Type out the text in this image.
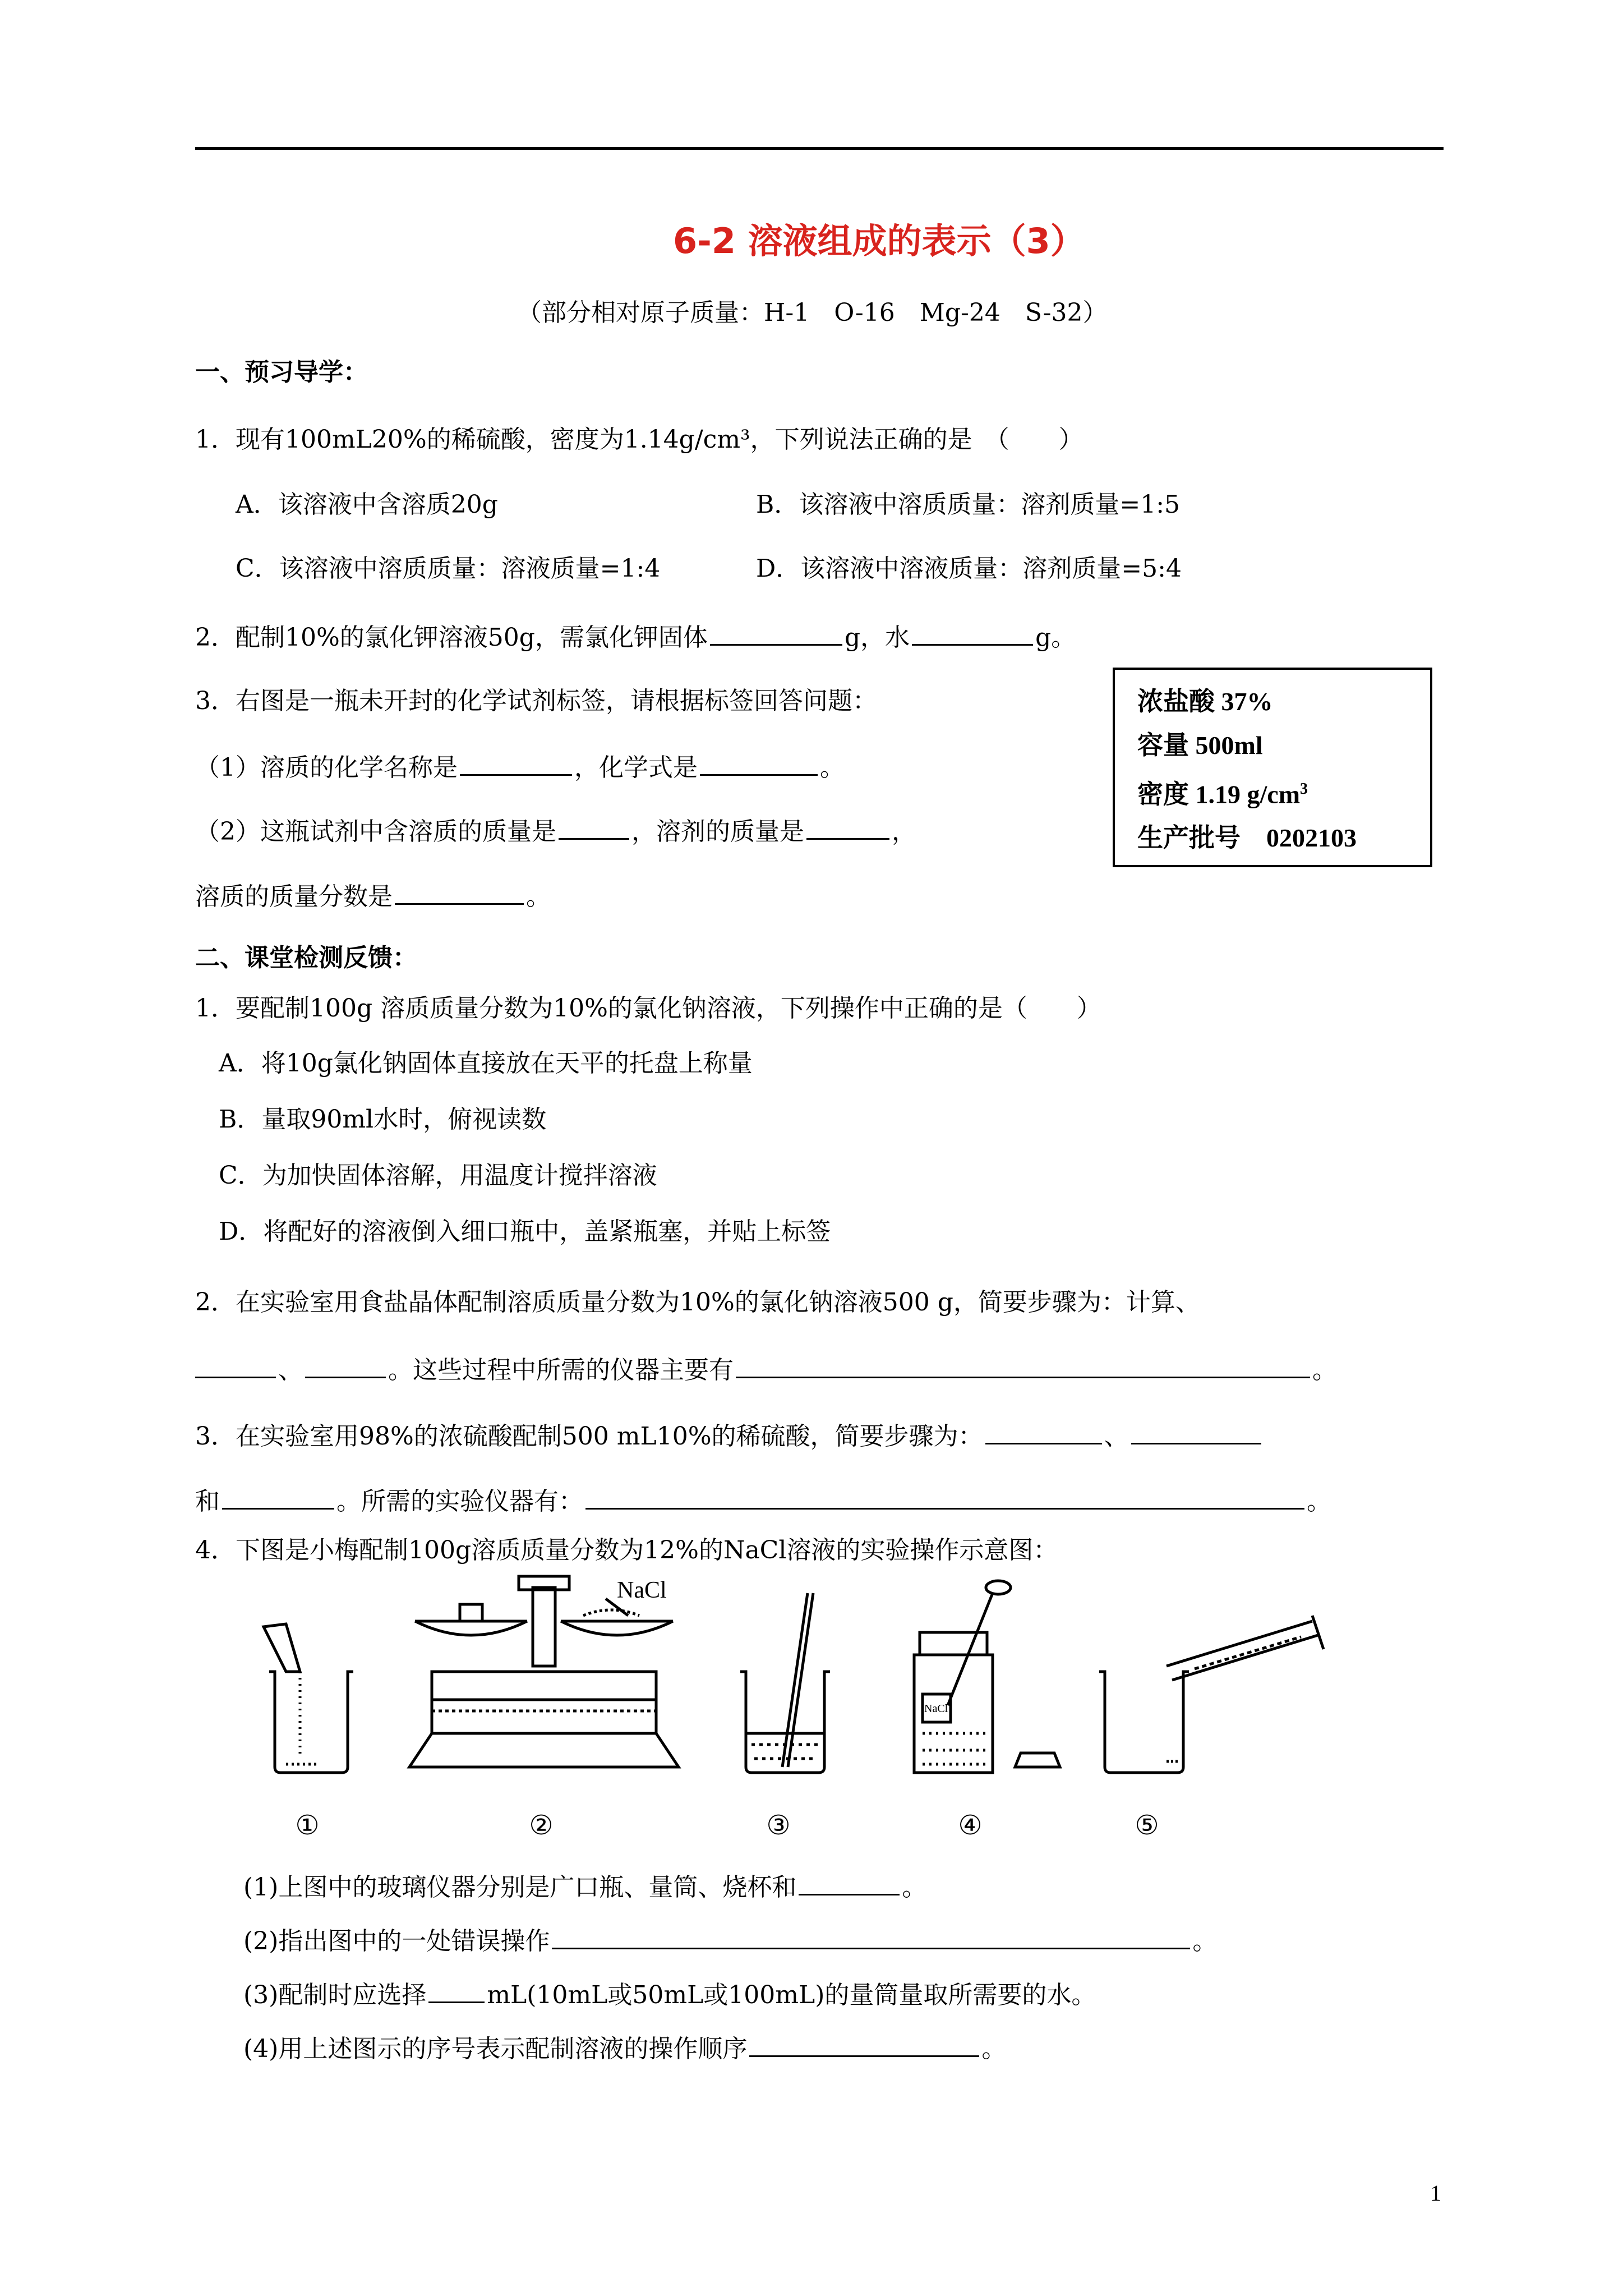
6-2 溶液组成的表示（3）
（部分相对原子质量：H-1　O-16　Mg-24　S-32）
一、预习导学：
1．现有100mL20%的稀硫酸，密度为1.14g/cm³，下列说法正确的是　（　　）
A．该溶液中含溶质20g	B．该溶液中溶质质量：溶剂质量=1:5
C．该溶液中溶质质量：溶液质量=1:4	D．该溶液中溶液质量：溶剂质量=5:4
2．配制10%的氯化钾溶液50g，需氯化钾固体	g，水	g。
3．右图是一瓶未开封的化学试剂标签，请根据标签回答问题：
（1）溶质的化学名称是	，化学式是	。
（2）这瓶试剂中含溶质的质量是	，溶剂的质量是	，
溶质的质量分数是	。
浓盐酸 37%
容量 500ml
密度 1.19 $g/cm^3$
生产批号　0202103
二、课堂检测反馈：
1．要配制100g 溶质质量分数为10%的氯化钠溶液，下列操作中正确的是（　　）
A．将10g氯化钠固体直接放在天平的托盘上称量
B．量取90ml水时，俯视读数
C．为加快固体溶解，用温度计搅拌溶液
D．将配好的溶液倒入细口瓶中，盖紧瓶塞，并贴上标签
2．在实验室用食盐晶体配制溶质质量分数为10%的氯化钠溶液500 g，简要步骤为：计算、
、	。这些过程中所需的仪器主要有	。
3．在实验室用98%的浓硫酸配制500 mL10%的稀硫酸，简要步骤为：	、
和	。所需的实验仪器有：	。
4．下图是小梅配制100g溶质质量分数为12%的NaCl溶液的实验操作示意图：
NaCl
NaCl
①	②	③	④	⑤
(1)上图中的玻璃仪器分别是广口瓶、量筒、烧杯和	。
(2)指出图中的一处错误操作	。
(3)配制时应选择 mL(10mL或50mL或100mL)的量筒量取所需要的水。
(4)用上述图示的序号表示配制溶液的操作顺序	。
1
